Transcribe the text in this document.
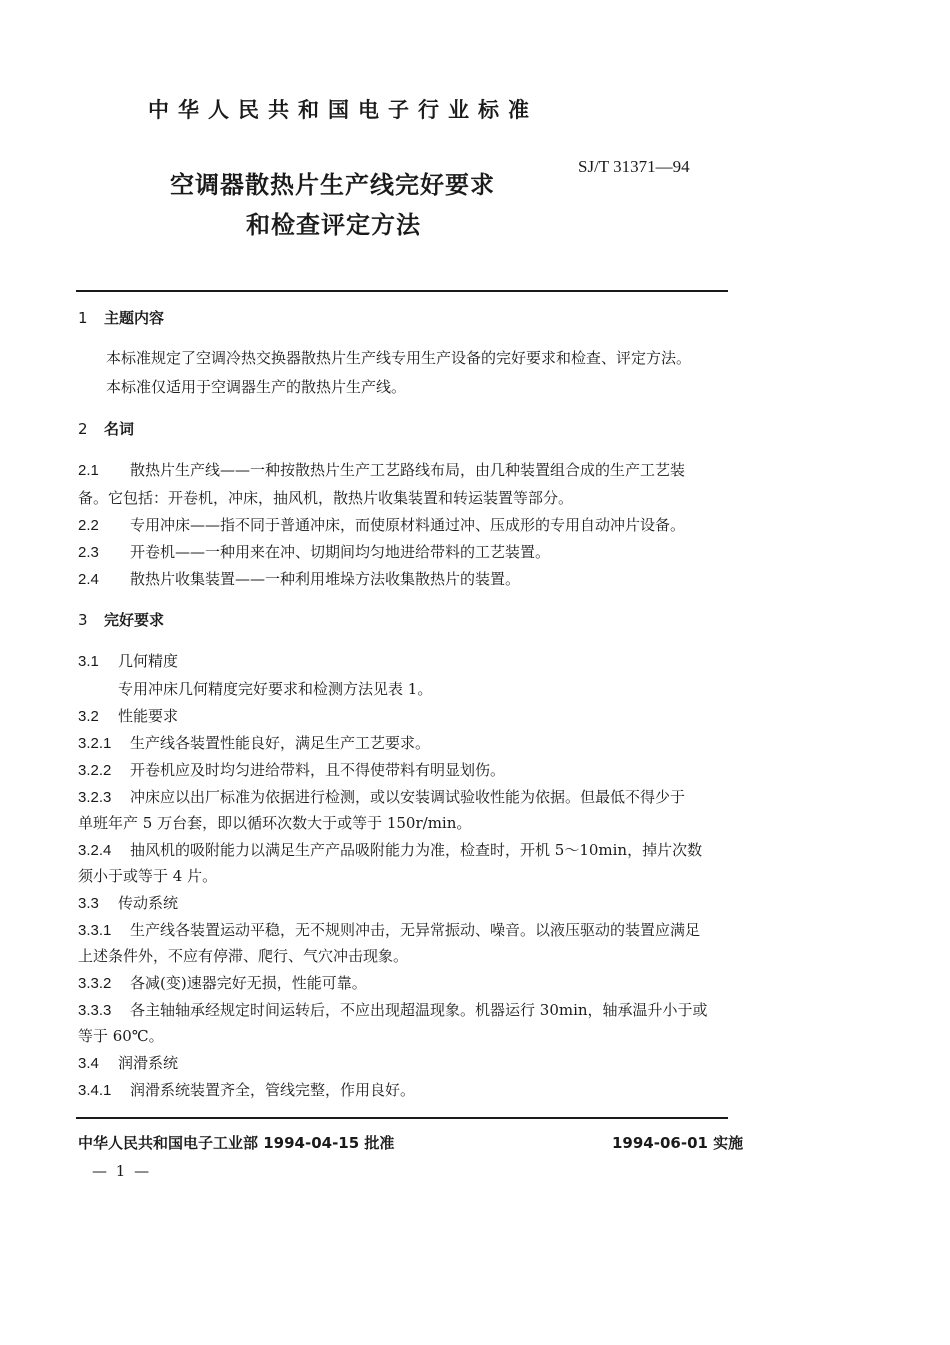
中华人民共和国电子行业标准
空调器散热片生产线完好要求
和检查评定方法
SJ/T 31371—94
1 主题内容
本标准规定了空调冷热交换器散热片生产线专用生产设备的完好要求和检查、评定方法。
本标准仅适用于空调器生产的散热片生产线。
2 名词
2.1 散热片生产线——一种按散热片生产工艺路线布局，由几种装置组合成的生产工艺装
备。它包括：开卷机，冲床，抽风机，散热片收集装置和转运装置等部分。
2.2 专用冲床——指不同于普通冲床，而使原材料通过冲、压成形的专用自动冲片设备。
2.3 开卷机——一种用来在冲、切期间均匀地进给带料的工艺装置。
2.4 散热片收集装置——一种利用堆垛方法收集散热片的装置。
3 完好要求
3.1 几何精度
专用冲床几何精度完好要求和检测方法见表 1。
3.2 性能要求
3.2.1 生产线各装置性能良好，满足生产工艺要求。
3.2.2 开卷机应及时均匀进给带料，且不得使带料有明显划伤。
3.2.3 冲床应以出厂标准为依据进行检测，或以安装调试验收性能为依据。但最低不得少于
单班年产 5 万台套，即以循环次数大于或等于 150r/min。
3.2.4 抽风机的吸附能力以满足生产产品吸附能力为准，检查时，开机 5～10min，掉片次数
须小于或等于 4 片。
3.3 传动系统
3.3.1 生产线各装置运动平稳，无不规则冲击，无异常振动、噪音。以液压驱动的装置应满足
上述条件外，不应有停滞、爬行、气穴冲击现象。
3.3.2 各减(变)速器完好无损，性能可靠。
3.3.3 各主轴轴承经规定时间运转后，不应出现超温现象。机器运行 30min，轴承温升小于或
等于 60℃。
3.4 润滑系统
3.4.1 润滑系统装置齐全，管线完整，作用良好。
中华人民共和国电子工业部 1994-04-15 批准	1994-06-01 实施
— 1 —
